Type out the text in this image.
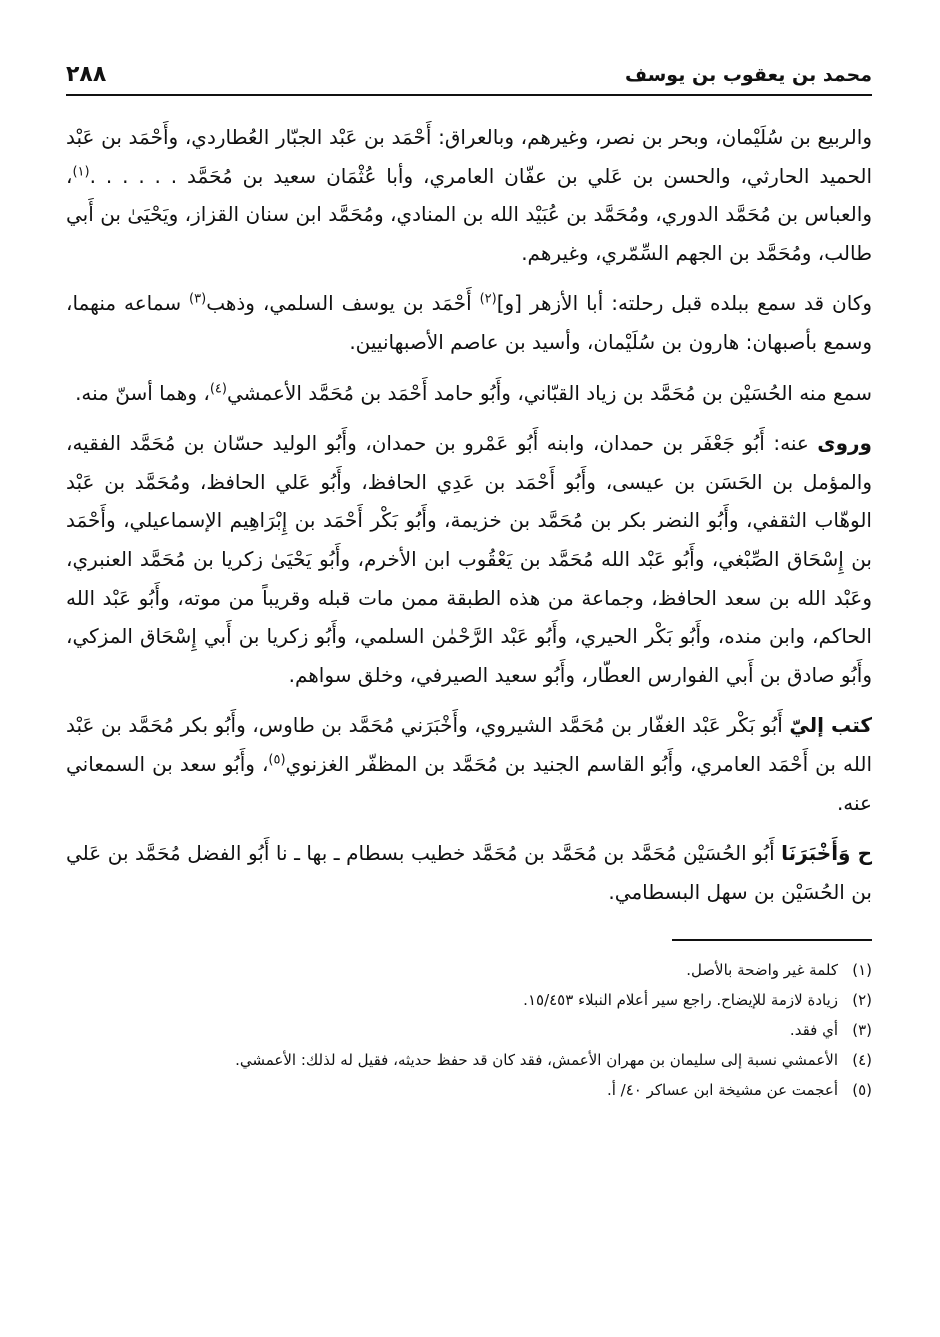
٢٨٨	محمد بن يعقوب بن يوسف

والربيع بن سُلَيْمان، وبحر بن نصر، وغيرهم، وبالعراق: أَحْمَد بن عَبْد الجبّار العُطاردي، وأَحْمَد بن عَبْد الحميد الحارثي، والحسن بن عَلي بن عفّان العامري، وأبا عُثْمَان سعيد بن مُحَمَّد . . . . . .$^{(١)}$، والعباس بن مُحَمَّد الدوري، ومُحَمَّد بن عُبَيْد الله بن المنادي، ومُحَمَّد ابن سنان القزاز، ويَحْيَىٰ بن أَبي طالب، ومُحَمَّد بن الجهم السِّمّري، وغيرهم.

وكان قد سمع ببلده قبل رحلته: أبا الأزهر [و]$^{(٢)}$ أَحْمَد بن يوسف السلمي، وذهب$^{(٣)}$ سماعه منهما، وسمع بأصبهان: هارون بن سُلَيْمان، وأسيد بن عاصم الأصبهانيين.

سمع منه الحُسَيْن بن مُحَمَّد بن زياد القبّاني، وأَبُو حامد أَحْمَد بن مُحَمَّد الأعمشي$^{(٤)}$، وهما أسنّ منه.

وروى عنه: أَبُو جَعْفَر بن حمدان، وابنه أَبُو عَمْرو بن حمدان، وأَبُو الوليد حسّان بن مُحَمَّد الفقيه، والمؤمل بن الحَسَن بن عيسى، وأَبُو أَحْمَد بن عَدِي الحافظ، وأَبُو عَلي الحافظ، ومُحَمَّد بن عَبْد الوهّاب الثقفي، وأَبُو النضر بكر بن مُحَمَّد بن خزيمة، وأَبُو بَكْر أَحْمَد بن إِبْرَاهِيم الإسماعيلي، وأَحْمَد بن إِسْحَاق الصِّبْغي، وأَبُو عَبْد الله مُحَمَّد بن يَعْقُوب ابن الأخرم، وأَبُو يَحْيَىٰ زكريا بن مُحَمَّد العنبري، وعَبْد الله بن سعد الحافظ، وجماعة من هذه الطبقة ممن مات قبله وقريباً من موته، وأَبُو عَبْد الله الحاكم، وابن منده، وأَبُو بَكْر الحيري، وأَبُو عَبْد الرَّحْمٰن السلمي، وأَبُو زكريا بن أَبي إِسْحَاق المزكي، وأَبُو صادق بن أَبي الفوارس العطّار، وأَبُو سعيد الصيرفي، وخلق سواهم.

كتب إليّ أَبُو بَكْر عَبْد الغفّار بن مُحَمَّد الشيروي، وأَخْبَرَني مُحَمَّد بن طاوس، وأَبُو بكر مُحَمَّد بن عَبْد الله بن أَحْمَد العامري، وأَبُو القاسم الجنيد بن مُحَمَّد بن المظفّر الغزنوي$^{(٥)}$، وأَبُو سعد بن السمعاني عنه.

ح وَأَخْبَرَنَا أَبُو الحُسَيْن مُحَمَّد بن مُحَمَّد بن مُحَمَّد خطيب بسطام ـ بها ـ نا أَبُو الفضل مُحَمَّد بن عَلي بن الحُسَيْن بن سهل البسطامي.

(١)كلمة غير واضحة بالأصل.
(٢)زيادة لازمة للإيضاح. راجع سير أعلام النبلاء ١٥/٤٥٣.
(٣)أي فقد.
(٤)الأعمشي نسبة إلى سليمان بن مهران الأعمش، فقد كان قد حفظ حديثه، فقيل له لذلك: الأعمشي.
(٥)أعجمت عن مشيخة ابن عساكر ٤٠/ أ.
